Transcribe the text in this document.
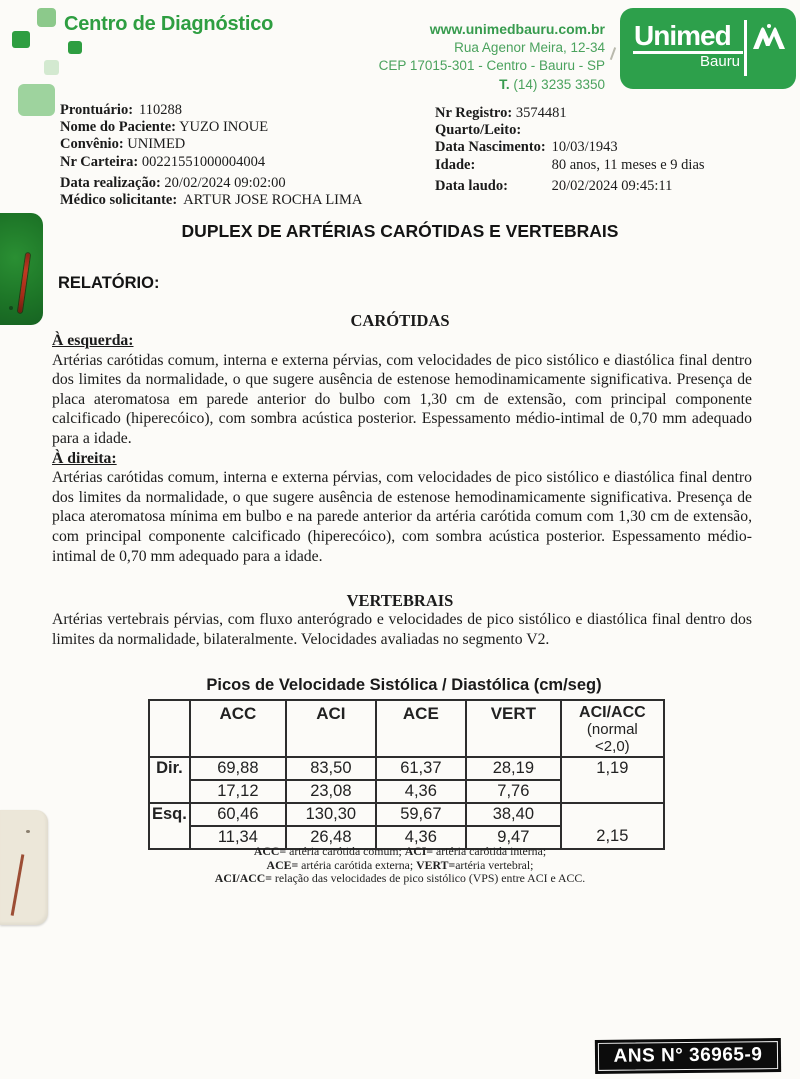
Centro de Diagnóstico	www.unimedbauru.com.br
Rua Agenor Meira, 12-34
CEP 17015-301 - Centro - Bauru - SP
T. (14) 3235 3350
Unimed
Bauru
Prontuário: 110288
Nome do Paciente: YUZO INOUE
Convênio: UNIMED
Nr Carteira: 00221551000004004
Data realização: 20/02/2024 09:02:00
Médico solicitante: ARTUR JOSE ROCHA LIMA
Nr Registro: 3574481
Quarto/Leito:
Data Nascimento: 10/03/1943
Idade:	80 anos, 11 meses e 9 dias
Data laudo:	20/02/2024 09:45:11
DUPLEX DE ARTÉRIAS CARÓTIDAS E VERTEBRAIS
RELATÓRIO:
CARÓTIDAS
À esquerda:

Artérias carótidas comum, interna e externa pérvias, com velocidades de pico sistólico e diastólica final dentro dos limites da normalidade, o que sugere ausência de estenose hemodinamicamente significativa. Presença de placa ateromatosa em parede anterior do bulbo com 1,30 cm de extensão, com principal componente calcificado (hiperecóico), com sombra acústica posterior. Espessamento médio-intimal de 0,70 mm adequado para a idade.

À direita:

Artérias carótidas comum, interna e externa pérvias, com velocidades de pico sistólico e diastólica final dentro dos limites da normalidade, o que sugere ausência de estenose hemodinamicamente significativa. Presença de placa ateromatosa mínima em bulbo e na parede anterior da artéria carótida comum com 1,30 cm de extensão, com principal componente calcificado (hiperecóico), com sombra acústica posterior. Espessamento médio-intimal de 0,70 mm adequado para a idade.

VERTEBRAIS
Artérias vertebrais pérvias, com fluxo anterógrado e velocidades de pico sistólico e diastólica final dentro dos limites da normalidade, bilateralmente. Velocidades avaliadas no segmento V2.
Picos de Velocidade Sistólica / Diastólica (cm/seg)
	ACC	ACI	ACE	VERT	ACI/ACC
(normal
<2,0)

Dir.	69,88	83,50	61,37	28,19	1,19
	17,12	23,08	4,36	7,76	
Esq.	60,46	130,30	59,67	38,40	2,15
	11,34	26,48	4,36	9,47	
ACC= artéria carótida comum; ACI= artéria carótida interna;
ACE= artéria carótida externa; VERT=artéria vertebral;
ACI/ACC= relação das velocidades de pico sistólico (VPS) entre ACI e ACC.
ANS N° 36965-9
